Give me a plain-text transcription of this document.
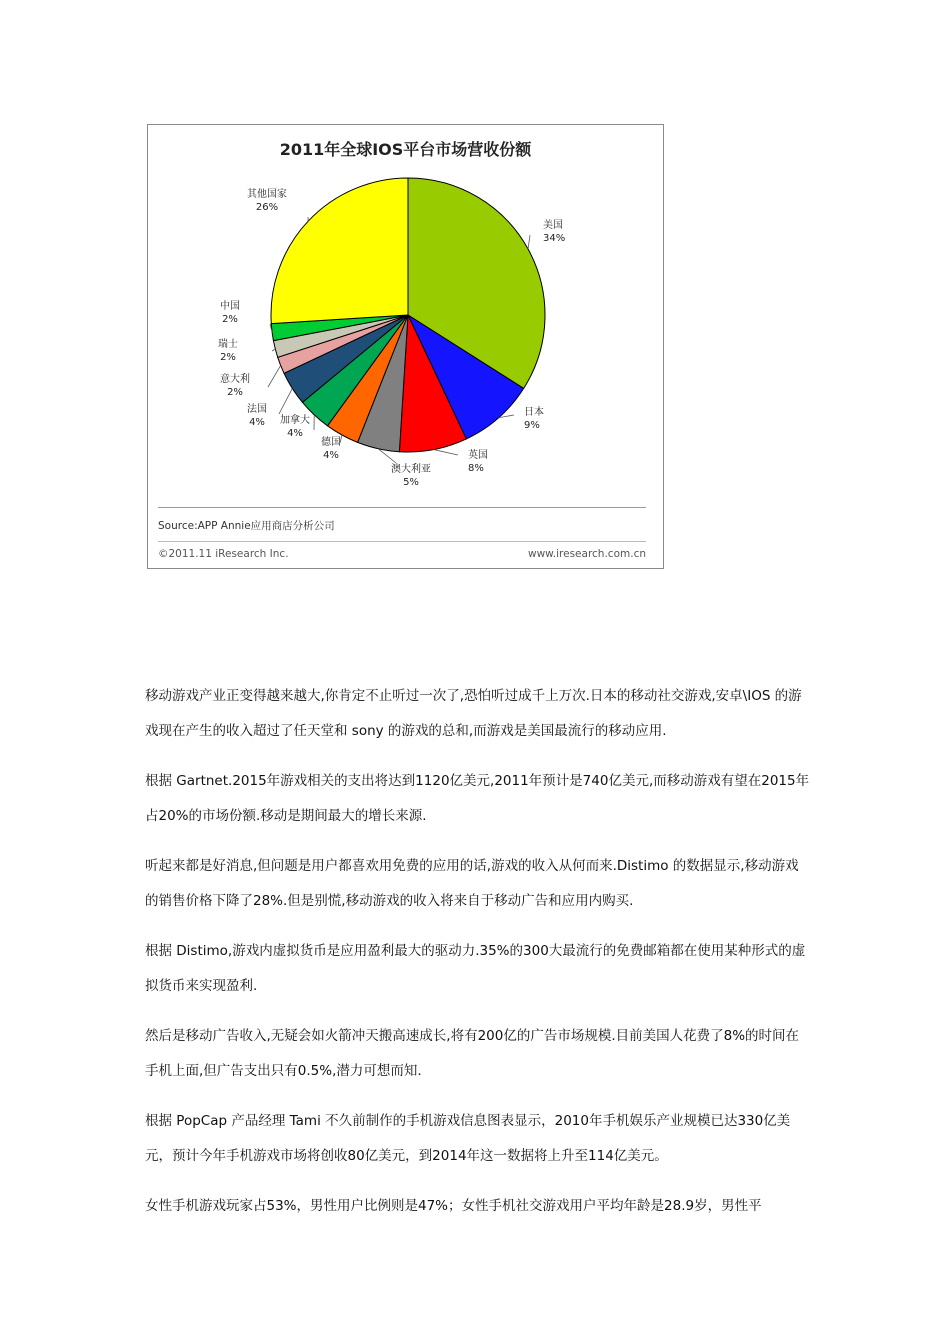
2011年全球IOS平台市场营收份额
美国
34%
日本
9%
英国
8%
澳大利亚
5%
德国
4%
加拿大
4%
法国
4%
意大利
2%
瑞士
2%
中国
2%
其他国家
26%
Source:APP Annie应用商店分析公司
©2011.11 iResearch Inc.	www.iresearch.com.cn

移动游戏产业正变得越来越大,你肯定不止听过一次了,恐怕听过成千上万次.日本的移动社交游戏,安卓\IOS 的游戏现在产生的收入超过了任天堂和 sony 的游戏的总和,而游戏是美国最流行的移动应用.

根据 Gartnet.2015年游戏相关的支出将达到1120亿美元,2011年预计是740亿美元,而移动游戏有望在2015年占20%的市场份额.移动是期间最大的增长来源.

听起来都是好消息,但问题是用户都喜欢用免费的应用的话,游戏的收入从何而来.Distimo 的数据显示,移动游戏的销售价格下降了28%.但是别慌,移动游戏的收入将来自于移动广告和应用内购买.

根据 Distimo,游戏内虚拟货币是应用盈利最大的驱动力.35%的300大最流行的免费邮箱都在使用某种形式的虚拟货币来实现盈利.

然后是移动广告收入,无疑会如火箭冲天搬高速成长,将有200亿的广告市场规模.目前美国人花费了8%的时间在手机上面,但广告支出只有0.5%,潜力可想而知.

根据 PopCap 产品经理 Tami 不久前制作的手机游戏信息图表显示，2010年手机娱乐产业规模已达330亿美元，预计今年手机游戏市场将创收80亿美元，到2014年这一数据将上升至114亿美元。

女性手机游戏玩家占53%，男性用户比例则是47%；女性手机社交游戏用户平均年龄是28.9岁，男性平
